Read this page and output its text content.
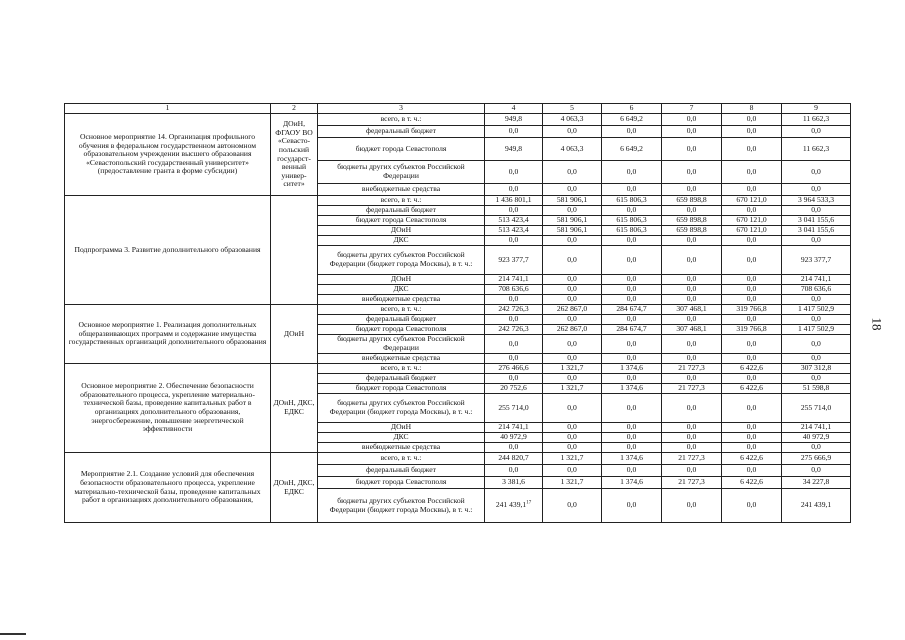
1	2	3	4	5	6	7	8	9
Основное мероприятие 14. Организация профильного обучения в федеральном государственном автономном образовательном учреждении высшего образования «Севастопольский государственный университет» (предоставление гранта в форме субсидии)	ДОиН, ФГАОУ ВО «Севасто-польский государст-венный универ-ситет»	всего, в т. ч.:	949,8	4 063,3	6 649,2	0,0	0,0	11 662,3
		федеральный бюджет	0,0	0,0	0,0	0,0	0,0	0,0
		бюджет города Севастополя	949,8	4 063,3	6 649,2	0,0	0,0	11 662,3
		бюджеты других субъектов Российской Федерации	0,0	0,0	0,0	0,0	0,0	0,0
		внебюджетные средства	0,0	0,0	0,0	0,0	0,0	0,0
Подпрограмма 3. Развитие дополнительного образования		всего, в т. ч.:	1 436 801,1	581 906,1	615 806,3	659 898,8	670 121,0	3 964 533,3
		федеральный бюджет	0,0	0,0	0,0	0,0	0,0	0,0
		бюджет города Севастополя	513 423,4	581 906,1	615 806,3	659 898,8	670 121,0	3 041 155,6
		ДОиН	513 423,4	581 906,1	615 806,3	659 898,8	670 121,0	3 041 155,6
		ДКС	0,0	0,0	0,0	0,0	0,0	0,0
		бюджеты других субъектов Российской Федерации (бюджет города Москвы), в т. ч.:	923 377,7	0,0	0,0	0,0	0,0	923 377,7
		ДОиН	214 741,1	0,0	0,0	0,0	0,0	214 741,1
		ДКС	708 636,6	0,0	0,0	0,0	0,0	708 636,6
		внебюджетные средства	0,0	0,0	0,0	0,0	0,0	0,0
Основное мероприятие 1. Реализация дополнительных общеразвивающих программ и содержание имущества государственных организаций дополнительного образования	ДОиН	всего, в т. ч.:	242 726,3	262 867,0	284 674,7	307 468,1	319 766,8	1 417 502,9
		федеральный бюджет	0,0	0,0	0,0	0,0	0,0	0,0
		бюджет города Севастополя	242 726,3	262 867,0	284 674,7	307 468,1	319 766,8	1 417 502,9
		бюджеты других субъектов Российской Федерации	0,0	0,0	0,0	0,0	0,0	0,0
		внебюджетные средства	0,0	0,0	0,0	0,0	0,0	0,0
Основное мероприятие 2. Обеспечение безопасности образовательного процесса, укрепление материально-технической базы, проведение капитальных работ в организациях дополнительного образования, энергосбережение, повышение энергетической эффективности	ДОиН, ДКС, ЕДКС	всего, в т. ч.:	276 466,6	1 321,7	1 374,6	21 727,3	6 422,6	307 312,8
		федеральный бюджет	0,0	0,0	0,0	0,0	0,0	0,0
		бюджет города Севастополя	20 752,6	1 321,7	1 374,6	21 727,3	6 422,6	51 598,8
		бюджеты других субъектов Российской Федерации (бюджет города Москвы), в т. ч.:	255 714,0	0,0	0,0	0,0	0,0	255 714,0
		ДОиН	214 741,1	0,0	0,0	0,0	0,0	214 741,1
		ДКС	40 972,9	0,0	0,0	0,0	0,0	40 972,9
		внебюджетные средства	0,0	0,0	0,0	0,0	0,0	0,0
Мероприятие 2.1. Создание условий для обеспечения безопасности образовательного процесса, укрепление материально-технической базы, проведение капитальных работ в организациях дополнительного образования,	ДОиН, ДКС, ЕДКС	всего, в т. ч.:	244 820,7	1 321,7	1 374,6	21 727,3	6 422,6	275 666,9
		федеральный бюджет	0,0	0,0	0,0	0,0	0,0	0,0
		бюджет города Севастополя	3 381,6	1 321,7	1 374,6	21 727,3	6 422,6	34 227,8
		бюджеты других субъектов Российской Федерации (бюджет города Москвы), в т. ч.:	241 439,1$^{17}$	0,0	0,0	0,0	0,0	241 439,1
18
